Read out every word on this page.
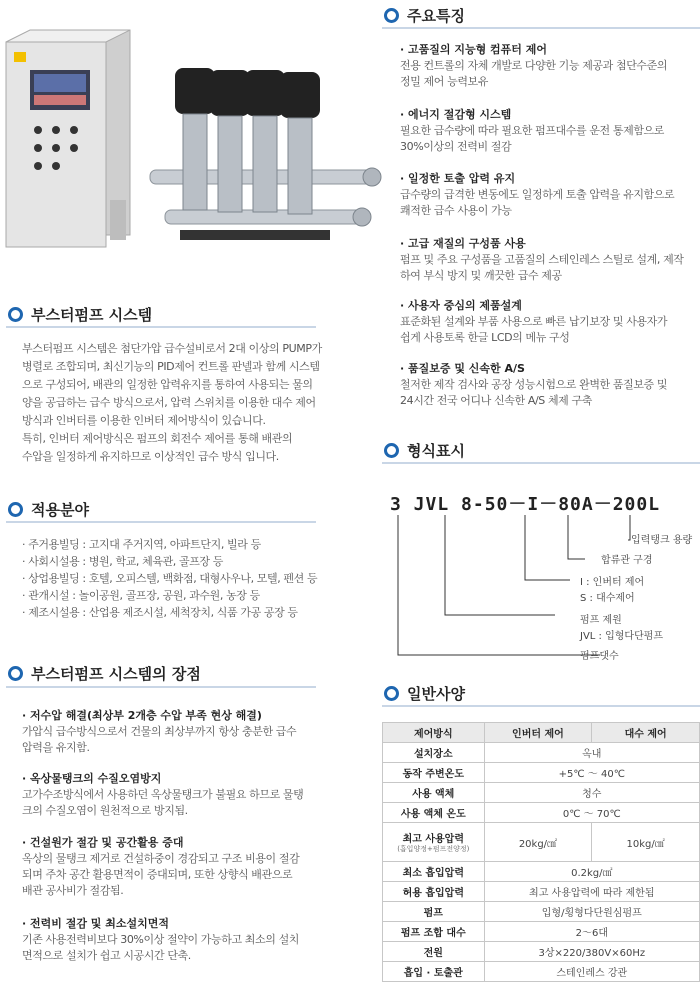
부스터펌프 시스템
부스터펌프 시스템은 첨단가압 급수설비로서 2대 이상의 PUMP가
병렬로 조합되며, 최신기능의 PID제어 컨트롤 판넬과 함께 시스템
으로 구성되어, 배관의 일정한 압력유지를 통하여 사용되는 물의
양을 공급하는 급수 방식으로서, 압력 스위치를 이용한 대수 제어
방식과 인버터를 이용한 인버터 제어방식이 있습니다.
특히, 인버터 제어방식은 펌프의 회전수 제어를 통해 배관의
수압을 일정하게 유지하므로 이상적인 급수 방식 입니다.
적용분야
· 주거용빌딩 : 고지대 주거지역, 아파트단지, 빌라 등
· 사회시설용 : 병원, 학교, 체육관, 골프장 등
· 상업용빌딩 : 호텔, 오피스텔, 백화점, 대형사우나, 모텔, 펜션 등
· 관개시설 : 놀이공원, 골프장, 공원, 과수원, 농장 등
· 제조시설용 : 산업용 제조시설, 세척장치, 식품 가공 공장 등
부스터펌프 시스템의 장점
· 저수압 해결(최상부 2개층 수압 부족 현상 해결)
가압식 급수방식으로서 건물의 최상부까지 항상 충분한 급수
압력을 유지함.
· 옥상물탱크의 수질오염방지
고가수조방식에서 사용하던 옥상물탱크가 불필요 하므로 물탱
크의 수질오염이 원천적으로 방지됨.
· 건설원가 절감 및 공간활용 증대
옥상의 물탱크 제거로 건설하중이 경감되고 구조 비용이 절감
되며 주차 공간 활용면적이 증대되며, 또한 상향식 배관으로
배관 공사비가 절감됨.
· 전력비 절감 및 최소설치면적
기존 사용전력비보다 30%이상 절약이 가능하고 최소의 설치
면적으로 설치가 쉽고 시공시간 단축.
주요특징
· 고품질의 지능형 컴퓨터 제어
전용 컨트롤의 자체 개발로 다양한 기능 제공과 첨단수준의
정밀 제어 능력보유
· 에너지 절감형 시스템
필요한 급수량에 따라 필요한 펌프대수를 운전 통제함으로
30%이상의 전력비 절감
· 일정한 토출 압력 유지
급수량의 급격한 변동에도 일정하게 토출 압력을 유지함으로
쾌적한 급수 사용이 가능
· 고급 재질의 구성품 사용
펌프 및 주요 구성품을 고품질의 스테인레스 스틸로 설계, 제작
하여 부식 방지 및 깨끗한 급수 제공
· 사용자 중심의 제품설계
표준화된 설계와 부품 사용으로 빠른 납기보장 및 사용자가
쉽게 사용토록 한글 LCD의 메뉴 구성
· 품질보증 및 신속한 A/S
철저한 제작 검사와 공장 성능시험으로 완벽한 품질보증 및
24시간 전국 어디나 신속한 A/S 체제 구축
형식표시
3 JVL 8-50－I－80A－200L
입력탱크 용량
합류관 구경
I : 인버터 제어
S : 대수제어
펌프 제원
JVL : 입형다단펌프
펌프댓수
일반사양
제어방식	인버터 제어	대수 제어
설치장소	옥내	
동작 주변온도	+5℃ ～ 40℃	
사용 액체	청수	
사용 액체 온도	0℃ ～ 70℃	
최고 사용압력
(흡입양정+펌프전양정)	20kg/㎠	10kg/㎠
최소 흡입압력	0.2kg/㎠	
허용 흡입압력	최고 사용압력에 따라 제한됨	
펌프	입형/횡형다단원심펌프	
펌프 조합 대수	2～6대	
전원	3상×220/380V×60Hz	
흡입 · 토출관	스테인레스 강관	
